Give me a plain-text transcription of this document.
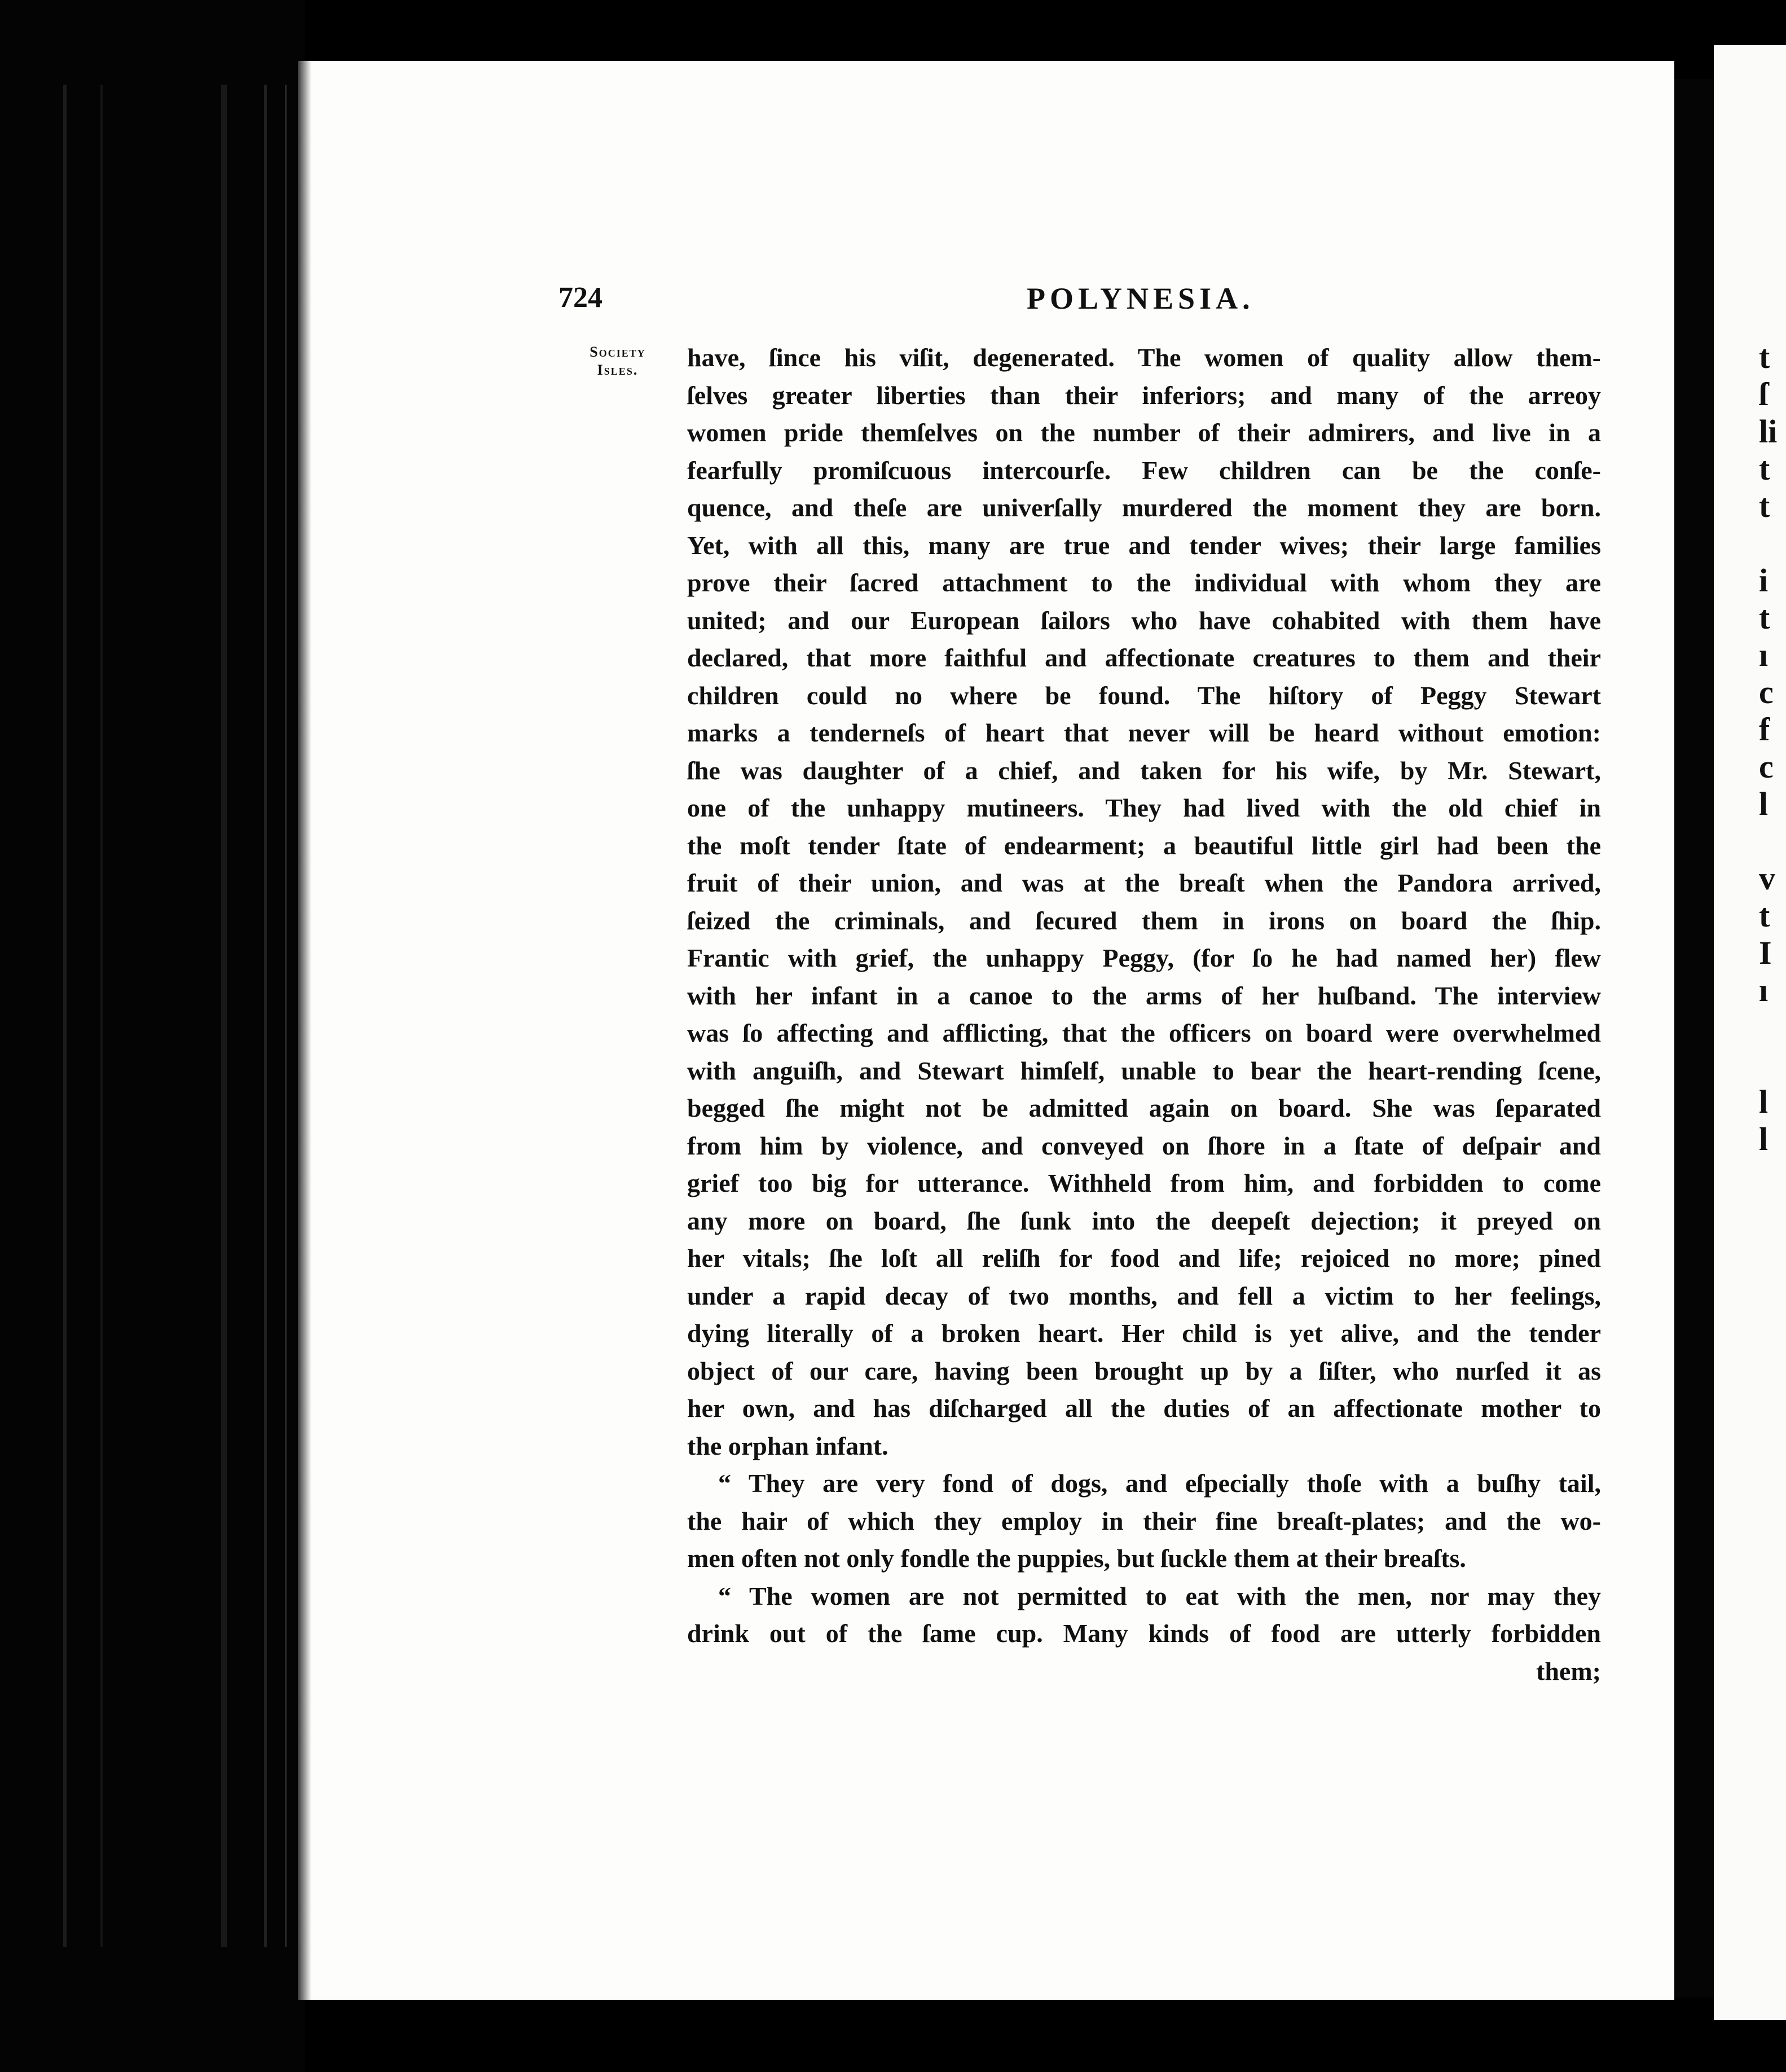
t
ſ
li
t
t
i
t
ı
c
f
c
l
v
t
I
ı
l
l
724	POLYNESIA.
Society
Isles.	have, ſince his viſit, degenerated. The women of quality allow them-
ſelves greater liberties than their inferiors; and many of the arreoy
women pride themſelves on the number of their admirers, and live in a
fearfully promiſcuous intercourſe. Few children can be the conſe-
quence, and theſe are univerſally murdered the moment they are born.
Yet, with all this, many are true and tender wives; their large families
prove their ſacred attachment to the individual with whom they are
united; and our European ſailors who have cohabited with them have
declared, that more faithful and affectionate creatures to them and their
children could no where be found. The hiſtory of Peggy Stewart
marks a tenderneſs of heart that never will be heard without emotion:
ſhe was daughter of a chief, and taken for his wife, by Mr. Stewart,
one of the unhappy mutineers. They had lived with the old chief in
the moſt tender ſtate of endearment; a beautiful little girl had been the
fruit of their union, and was at the breaſt when the Pandora arrived,
ſeized the criminals, and ſecured them in irons on board the ſhip.
Frantic with grief, the unhappy Peggy, (for ſo he had named her) flew
with her infant in a canoe to the arms of her huſband. The interview
was ſo affecting and afflicting, that the officers on board were overwhelmed
with anguiſh, and Stewart himſelf, unable to bear the heart-rending ſcene,
begged ſhe might not be admitted again on board. She was ſeparated
from him by violence, and conveyed on ſhore in a ſtate of deſpair and
grief too big for utterance. Withheld from him, and forbidden to come
any more on board, ſhe ſunk into the deepeſt dejection; it preyed on
her vitals; ſhe loſt all reliſh for food and life; rejoiced no more; pined
under a rapid decay of two months, and fell a victim to her feelings,
dying literally of a broken heart. Her child is yet alive, and the tender
object of our care, having been brought up by a ſiſter, who nurſed it as
her own, and has diſcharged all the duties of an affectionate mother to
the orphan infant.
“ They are very fond of dogs, and eſpecially thoſe with a buſhy tail,
the hair of which they employ in their fine breaſt-plates; and the wo-
men often not only fondle the puppies, but ſuckle them at their breaſts.
“ The women are not permitted to eat with the men, nor may they
drink out of the ſame cup. Many kinds of food are utterly forbidden
them;
